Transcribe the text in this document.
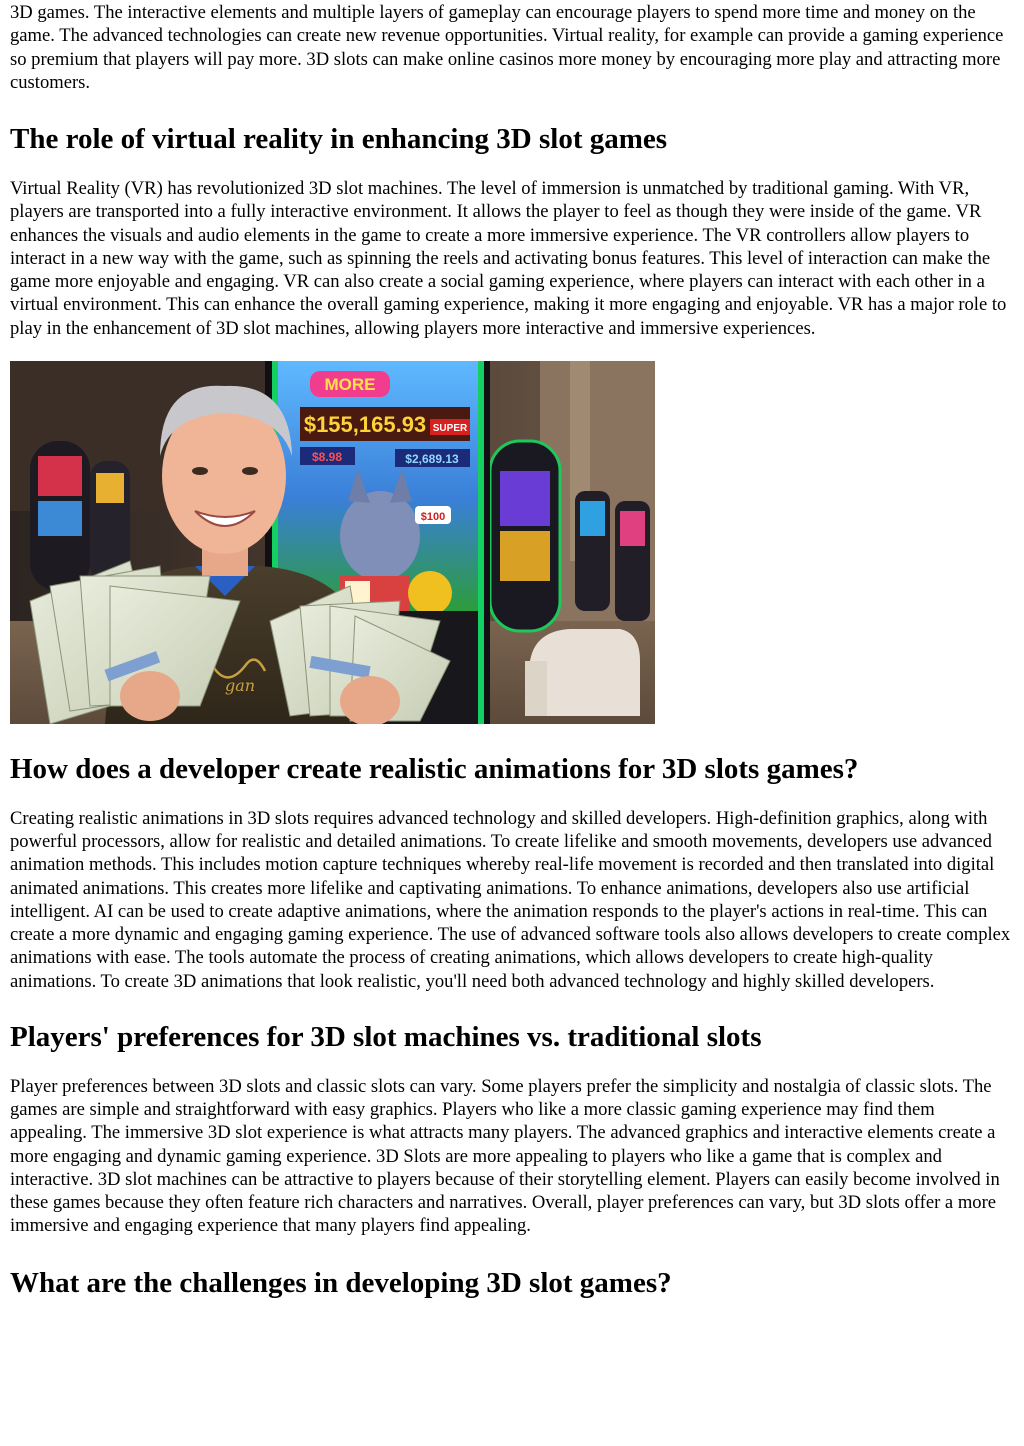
3D games. The interactive elements and multiple layers of gameplay can encourage players to spend more time and money on the game. The advanced technologies can create new revenue opportunities. Virtual reality, for example can provide a gaming experience so premium that players will pay more. 3D slots can make online casinos more money by encouraging more play and attracting more customers.

The role of virtual reality in enhancing 3D slot games

Virtual Reality (VR) has revolutionized 3D slot machines. The level of immersion is unmatched by traditional gaming. With VR, players are transported into a fully interactive environment. It allows the player to feel as though they were inside of the game. VR enhances the visuals and audio elements in the game to create a more immersive experience. The VR controllers allow players to interact in a new way with the game, such as spinning the reels and activating bonus features. This level of interaction can make the game more enjoyable and engaging. VR can also create a social gaming experience, where players can interact with each other in a virtual environment. This can enhance the overall gaming experience, making it more engaging and enjoyable. VR has a major role to play in the enhancement of 3D slot machines, allowing players more interactive and immersive experiences.

MORE
$155,165.93 SUPER
$8.98	$2,689.13
$100
gan
How does a developer create realistic animations for 3D slots games?

Creating realistic animations in 3D slots requires advanced technology and skilled developers. High-definition graphics, along with powerful processors, allow for realistic and detailed animations. To create lifelike and smooth movements, developers use advanced animation methods. This includes motion capture techniques whereby real-life movement is recorded and then translated into digital animated animations. This creates more lifelike and captivating animations. To enhance animations, developers also use artificial intelligent. AI can be used to create adaptive animations, where the animation responds to the player's actions in real-time. This can create a more dynamic and engaging gaming experience. The use of advanced software tools also allows developers to create complex animations with ease. The tools automate the process of creating animations, which allows developers to create high-quality animations. To create 3D animations that look realistic, you'll need both advanced technology and highly skilled developers.

Players' preferences for 3D slot machines vs. traditional slots

Player preferences between 3D slots and classic slots can vary. Some players prefer the simplicity and nostalgia of classic slots. The games are simple and straightforward with easy graphics. Players who like a more classic gaming experience may find them appealing. The immersive 3D slot experience is what attracts many players. The advanced graphics and interactive elements create a more engaging and dynamic gaming experience. 3D Slots are more appealing to players who like a game that is complex and interactive. 3D slot machines can be attractive to players because of their storytelling element. Players can easily become involved in these games because they often feature rich characters and narratives. Overall, player preferences can vary, but 3D slots offer a more immersive and engaging experience that many players find appealing.

What are the challenges in developing 3D slot games?
